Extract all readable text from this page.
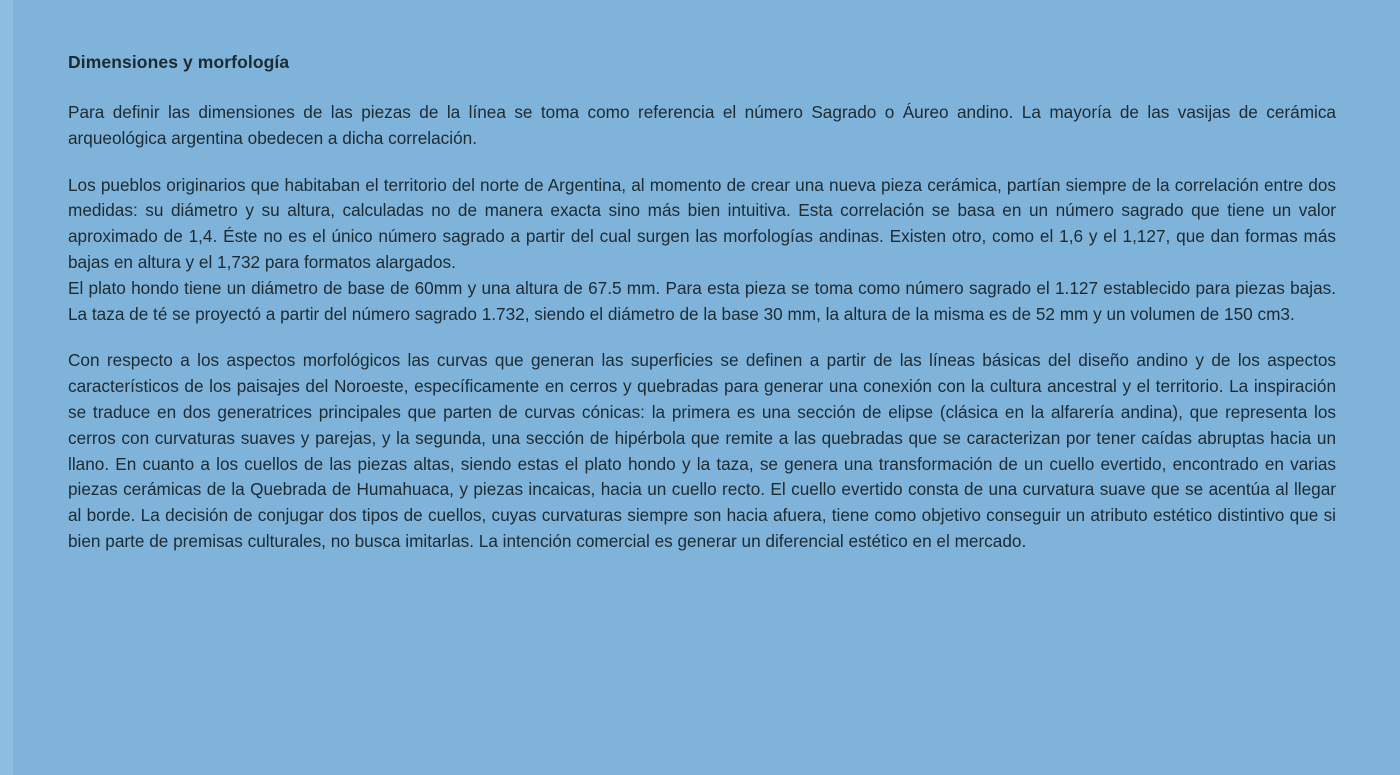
Dimensiones y morfología

Para definir las dimensiones de las piezas de la línea se toma como referencia el número Sagrado o Áureo andino. La mayoría de las vasijas de cerámica arqueológica argentina obedecen a dicha correlación.

Los pueblos originarios que habitaban el territorio del norte de Argentina, al momento de crear una nueva pieza cerámica, partían siempre de la correlación entre dos medidas: su diámetro y su altura, calculadas no de manera exacta sino más bien intuitiva. Esta correlación se basa en un número sagrado que tiene un valor aproximado de 1,4. Éste no es el único número sagrado a partir del cual surgen las morfologías andinas. Existen otro, como el 1,6 y el 1,127, que dan formas más bajas en altura y el 1,732 para formatos alargados.

El plato hondo tiene un diámetro de base de 60mm y una altura de 67.5 mm. Para esta pieza se toma como número sagrado el 1.127 establecido para piezas bajas. La taza de té se proyectó a partir del número sagrado 1.732, siendo el diámetro de la base 30 mm, la altura de la misma es de 52 mm y un volumen de 150 cm3.

Con respecto a los aspectos morfológicos las curvas que generan las superficies se definen a partir de las líneas básicas del diseño andino y de los aspectos característicos de los paisajes del Noroeste, específicamente en cerros y quebradas para generar una conexión con la cultura ancestral y el territorio. La inspiración se traduce en dos generatrices principales que parten de curvas cónicas: la primera es una sección de elipse (clásica en la alfarería andina), que representa los cerros con curvaturas suaves y parejas, y la segunda, una sección de hipérbola que remite a las quebradas que se caracterizan por tener caídas abruptas hacia un llano. En cuanto a los cuellos de las piezas altas, siendo estas el plato hondo y la taza, se genera una transformación de un cuello evertido, encontrado en varias piezas cerámicas de la Quebrada de Humahuaca, y piezas incaicas, hacia un cuello recto. El cuello evertido consta de una curvatura suave que se acentúa al llegar al borde. La decisión de conjugar dos tipos de cuellos, cuyas curvaturas siempre son hacia afuera, tiene como objetivo conseguir un atributo estético distintivo que si bien parte de premisas culturales, no busca imitarlas. La intención comercial es generar un diferencial estético en el mercado.
